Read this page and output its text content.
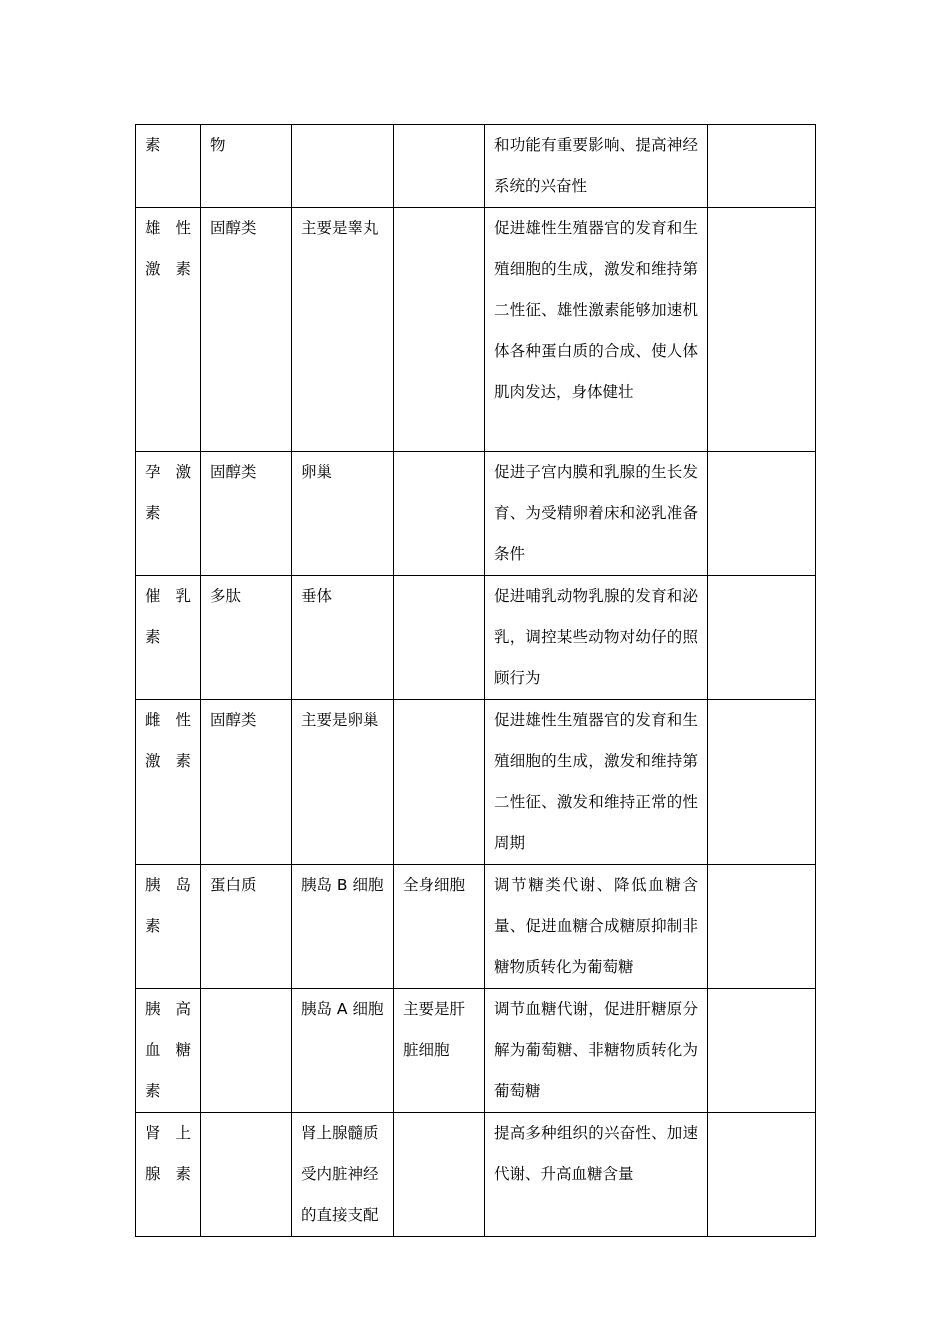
素	物			和功能有重要影响、提高神经系统的兴奋性	
雄性激素	固醇类	主要是睾丸		促进雄性生殖器官的发育和生殖细胞的生成，激发和维持第二性征、雄性激素能够加速机体各种蛋白质的合成、使人体肌肉发达，身体健壮	
孕激素	固醇类	卵巢		促进子宫内膜和乳腺的生长发育、为受精卵着床和泌乳准备条件	
催乳素	多肽	垂体		促进哺乳动物乳腺的发育和泌乳，调控某些动物对幼仔的照顾行为	
雌性激素	固醇类	主要是卵巢		促进雄性生殖器官的发育和生殖细胞的生成，激发和维持第二性征、激发和维持正常的性周期	
胰岛素	蛋白质	胰岛 B 细胞	全身细胞	调节糖类代谢、降低血糖含量、促进血糖合成糖原抑制非糖物质转化为葡萄糖	
胰高血糖素		胰岛 A 细胞	主要是肝脏细胞	调节血糖代谢，促进肝糖原分解为葡萄糖、非糖物质转化为葡萄糖	
肾上腺素		肾上腺髓质受内脏神经的直接支配		提高多种组织的兴奋性、加速代谢、升高血糖含量	
